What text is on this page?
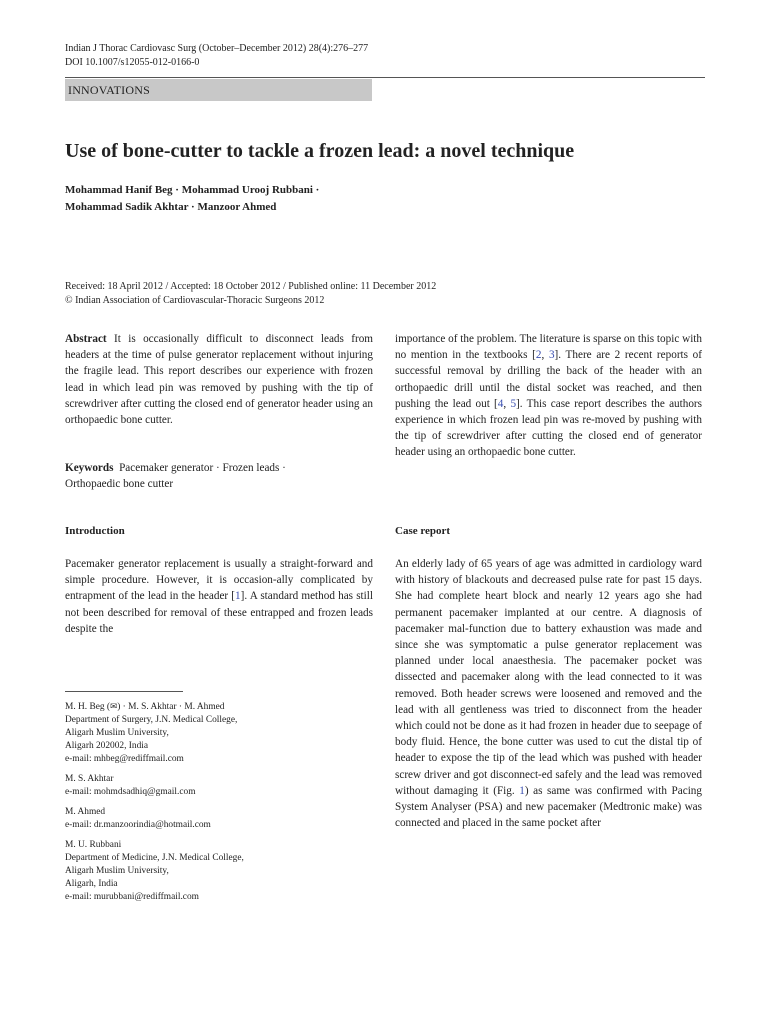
Indian J Thorac Cardiovasc Surg (October–December 2012) 28(4):276–277
DOI 10.1007/s12055-012-0166-0
INNOVATIONS
Use of bone-cutter to tackle a frozen lead: a novel technique
Mohammad Hanif Beg · Mohammad Urooj Rubbani ·
Mohammad Sadik Akhtar · Manzoor Ahmed
Received: 18 April 2012 / Accepted: 18 October 2012 / Published online: 11 December 2012
© Indian Association of Cardiovascular-Thoracic Surgeons 2012

Abstract It is occasionally difficult to disconnect leads from headers at the time of pulse generator replacement without injuring the fragile lead. This report describes our experience with frozen lead in which lead pin was removed by pushing with the tip of screwdriver after cutting the closed end of generator header using an orthopaedic bone cutter.

Keywords Pacemaker generator · Frozen leads ·
Orthopaedic bone cutter

Introduction

Pacemaker generator replacement is usually a straight-forward and simple procedure. However, it is occasion-ally complicated by entrapment of the lead in the header [1]. A standard method has still not been described for removal of these entrapped and frozen leads despite the

M. H. Beg (✉) · M. S. Akhtar · M. Ahmed
Department of Surgery, J.N. Medical College,
Aligarh Muslim University,
Aligarh 202002, India
e-mail: mhbeg@rediffmail.com
M. S. Akhtar
e-mail: mohmdsadhiq@gmail.com
M. Ahmed
e-mail: dr.manzoorindia@hotmail.com
M. U. Rubbani
Department of Medicine, J.N. Medical College,
Aligarh Muslim University,
Aligarh, India
e-mail: murubbani@rediffmail.com

importance of the problem. The literature is sparse on this topic with no mention in the textbooks [2, 3]. There are 2 recent reports of successful removal by drilling the back of the header with an orthopaedic drill until the distal socket was reached, and then pushing the lead out [4, 5]. This case report describes the authors experience in which frozen lead pin was re-moved by pushing with the tip of screwdriver after cutting the closed end of generator header using an orthopaedic bone cutter.

Case report

An elderly lady of 65 years of age was admitted in cardiology ward with history of blackouts and decreased pulse rate for past 15 days. She had complete heart block and nearly 12 years ago she had permanent pacemaker implanted at our centre. A diagnosis of pacemaker mal-function due to battery exhaustion was made and since she was symptomatic a pulse generator replacement was planned under local anaesthesia. The pacemaker pocket was dissected and pacemaker along with the lead connected to it was removed. Both header screws were loosened and removed and the lead with all gentleness was tried to disconnect from the header which could not be done as it had frozen in header due to seepage of body fluid. Hence, the bone cutter was used to cut the distal tip of header to expose the tip of the lead which was pushed with header screw driver and got disconnect-ed safely and the lead was removed without damaging it (Fig. 1) as same was confirmed with Pacing System Analyser (PSA) and new pacemaker (Medtronic make) was connected and placed in the same pocket after
